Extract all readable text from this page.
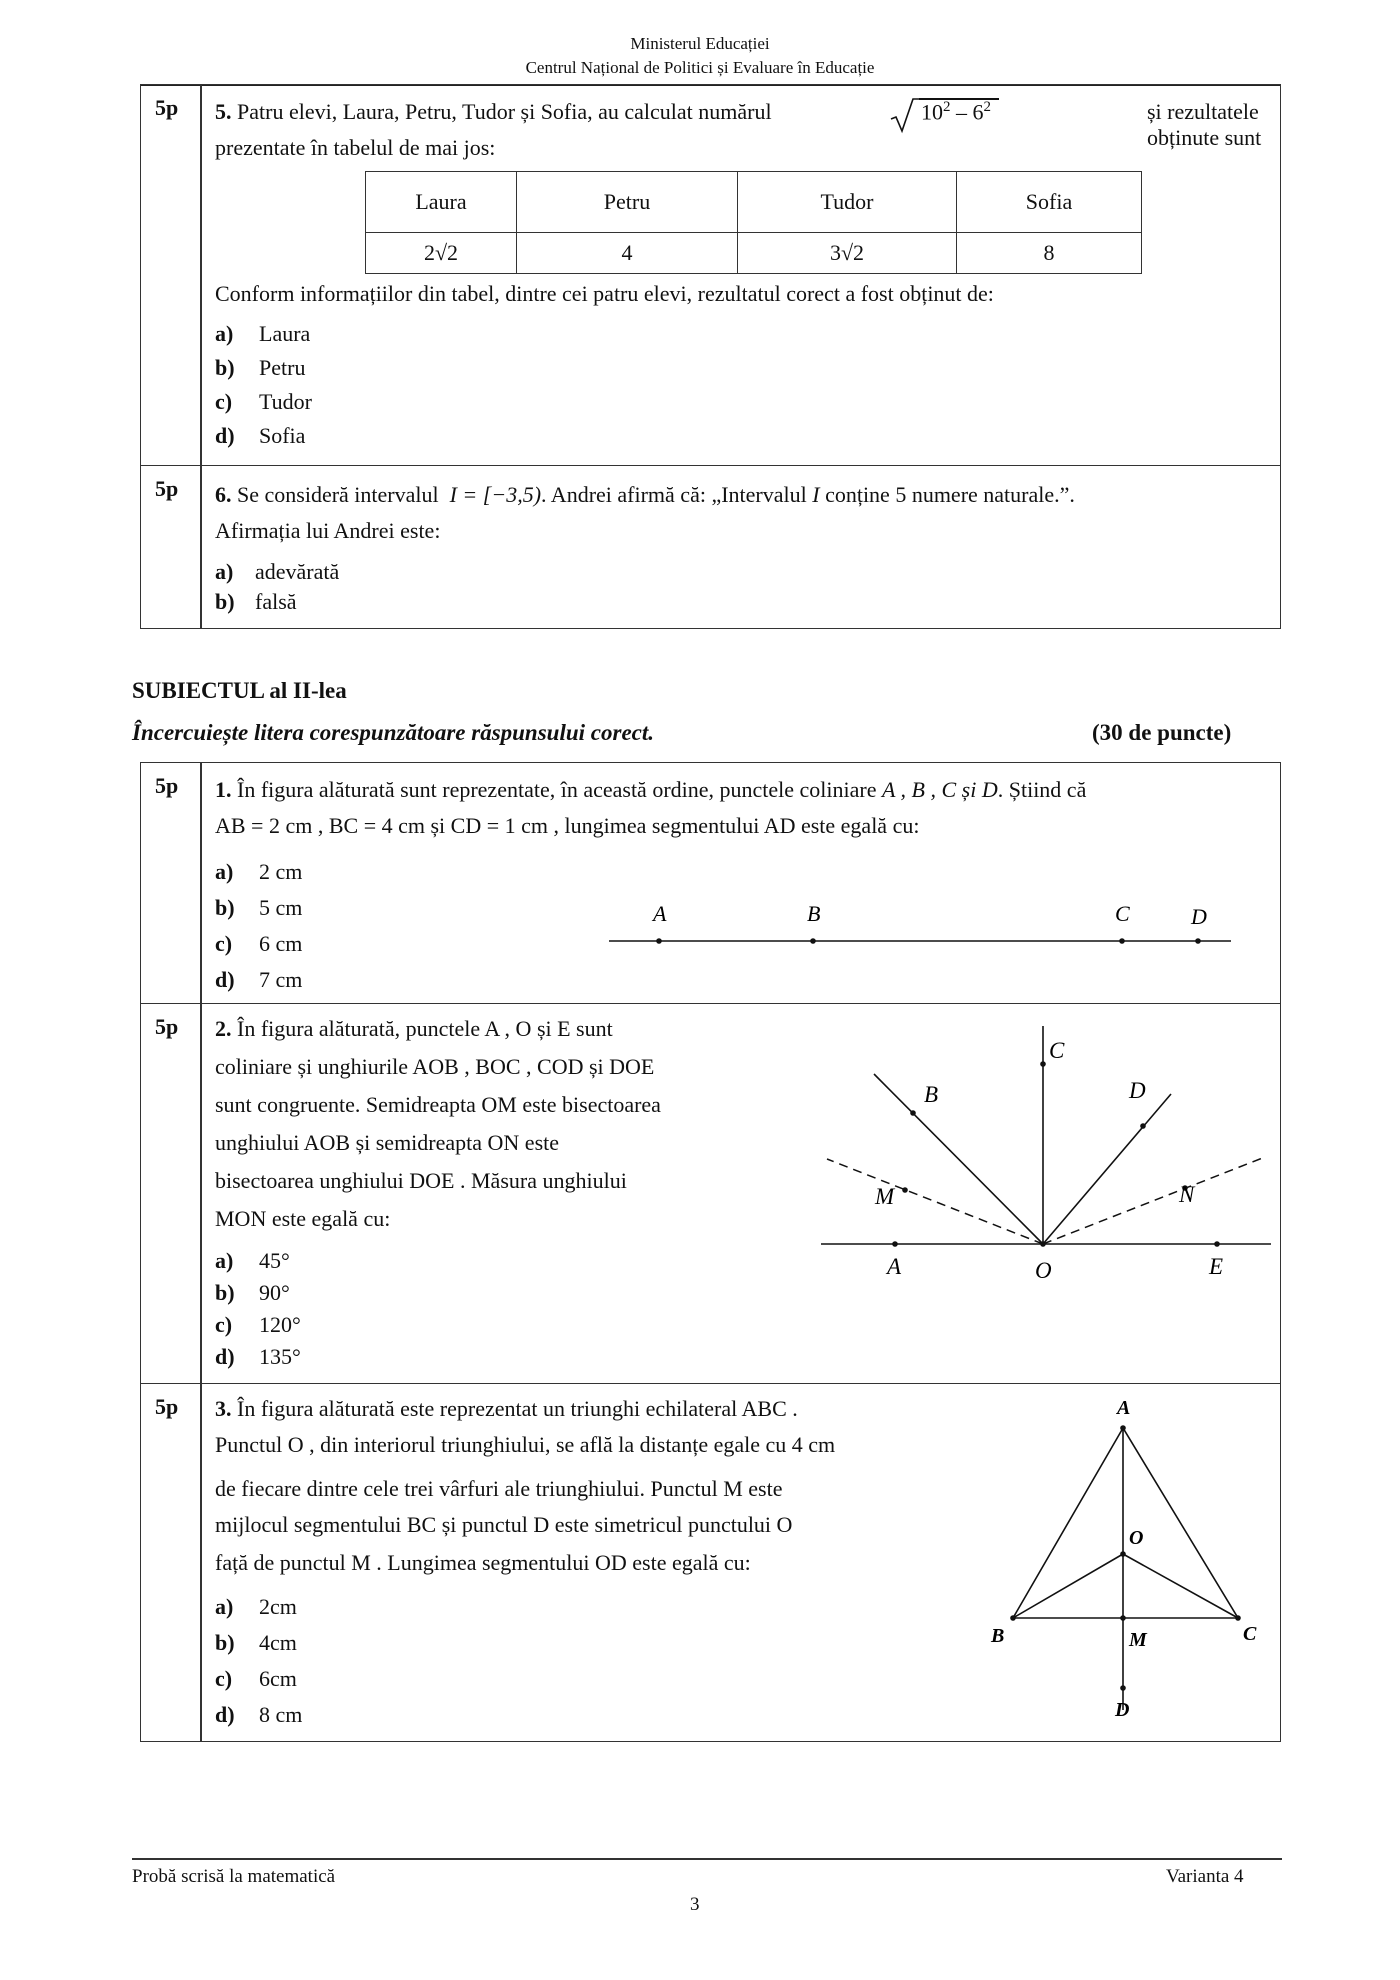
Ministerul Educației
Centrul Național de Politici și Evaluare în Educație
5p 5. Patru elevi, Laura, Petru, Tudor și Sofia, au calculat numărul	$10^2 - 6^2$	și rezultatele obținute sunt
prezentate în tabelul de mai jos:
Laura	Petru	Tudor	Sofia
2√2	4	3√2	8
Conform informațiilor din tabel, dintre cei patru elevi, rezultatul corect a fost obținut de:
a) Laura
b) Petru
c) Tudor
d) Sofia
5p 6. Se consideră intervalul I = [−3,5). Andrei afirmă că: „Intervalul I conține 5 numere naturale.”.
Afirmația lui Andrei este:
a) adevărată
b) falsă
SUBIECTUL al II-lea
Încercuiește litera corespunzătoare răspunsului corect.	(30 de puncte)
5p 1. În figura alăturată sunt reprezentate, în această ordine, punctele coliniare A , B , C și D. Știind că
AB = 2 cm , BC = 4 cm și CD = 1 cm , lungimea segmentului AD este egală cu:
a) 2 cm
b) 5 cm
c) 6 cm
d) 7 cm
A	B	C	D
5p 2. În figura alăturată, punctele A , O și E sunt
coliniare și unghiurile AOB , BOC , COD și DOE
sunt congruente. Semidreapta OM este bisectoarea
unghiului AOB și semidreapta ON este
bisectoarea unghiului DOE . Măsura unghiului
MON este egală cu:
a) 45°
b) 90°
c) 120°
d) 135°
C
B	D
M	N
A	O	E
5p 3. În figura alăturată este reprezentat un triunghi echilateral ABC .
Punctul O , din interiorul triunghiului, se află la distanțe egale cu 4 cm
de fiecare dintre cele trei vârfuri ale triunghiului. Punctul M este
mijlocul segmentului BC și punctul D este simetricul punctului O
față de punctul M . Lungimea segmentului OD este egală cu:
a) 2cm
b) 4cm
c) 6cm
d) 8 cm
A
O
B	M	C
D
Probă scrisă la matematică	Varianta 4
3
